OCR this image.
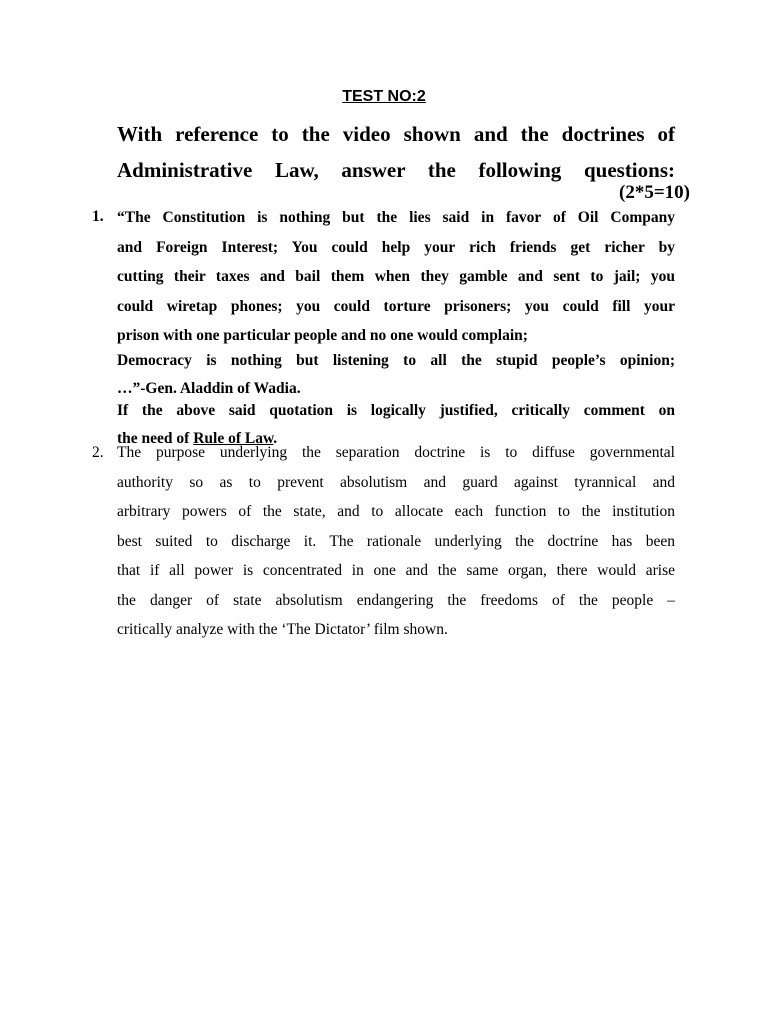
TEST NO:2
With reference to the video shown and the doctrines of
Administrative Law, answer the following questions:
(2*5=10)
1. “The Constitution is nothing but the lies said in favor of Oil Company
and Foreign Interest; You could help your rich friends get richer by
cutting their taxes and bail them when they gamble and sent to jail; you
could wiretap phones; you could torture prisoners; you could fill your
prison with one particular people and no one would complain;
Democracy is nothing but listening to all the stupid people’s opinion;
…”-Gen. Aladdin of Wadia.
If the above said quotation is logically justified, critically comment on
the need of Rule of Law.
2. The purpose underlying the separation doctrine is to diffuse governmental
authority so as to prevent absolutism and guard against tyrannical and
arbitrary powers of the state, and to allocate each function to the institution
best suited to discharge it. The rationale underlying the doctrine has been
that if all power is concentrated in one and the same organ, there would arise
the danger of state absolutism endangering the freedoms of the people –
critically analyze with the ‘The Dictator’ film shown.
